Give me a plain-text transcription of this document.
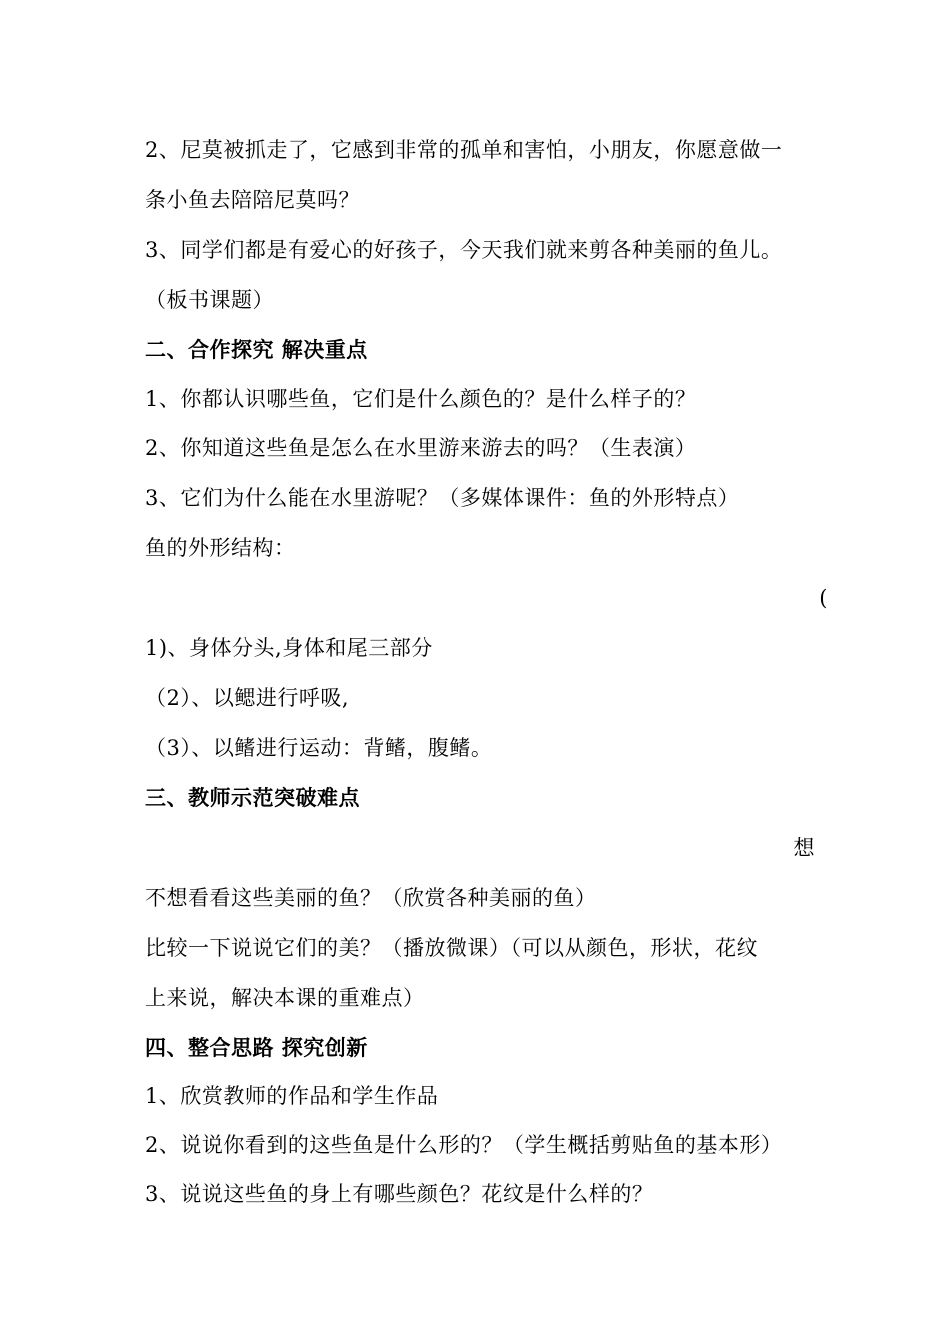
2、尼莫被抓走了，它感到非常的孤单和害怕，小朋友，你愿意做一
条小鱼去陪陪尼莫吗？
3、同学们都是有爱心的好孩子，今天我们就来剪各种美丽的鱼儿。
（板书课题）
二、合作探究 解决重点
1、你都认识哪些鱼，它们是什么颜色的？是什么样子的？
2、你知道这些鱼是怎么在水里游来游去的吗？（生表演）
3、它们为什么能在水里游呢？（多媒体课件：鱼的外形特点）
鱼的外形结构：
(
1)、身体分头,身体和尾三部分
（2）、以鳃进行呼吸,
（3）、以鳍进行运动：背鳍，腹鳍。
三、教师示范突破难点
想
不想看看这些美丽的鱼？（欣赏各种美丽的鱼）
比较一下说说它们的美？（播放微课）（可以从颜色，形状，花纹
上来说，解决本课的重难点）
四、整合思路 探究创新
1、欣赏教师的作品和学生作品
2、说说你看到的这些鱼是什么形的？（学生概括剪贴鱼的基本形）
3、说说这些鱼的身上有哪些颜色？花纹是什么样的？
